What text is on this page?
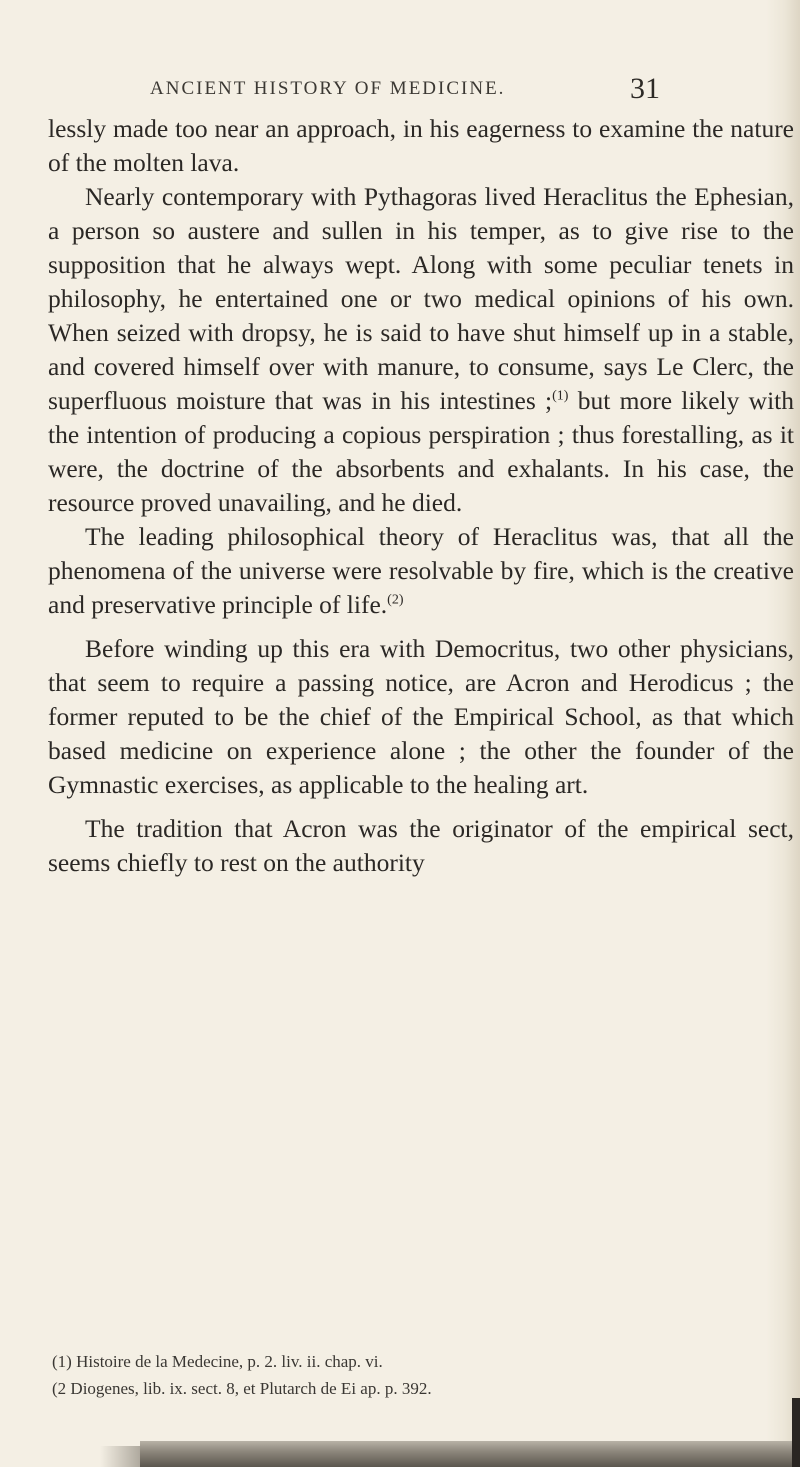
ANCIENT HISTORY OF MEDICINE.	31

lessly made too near an approach, in his eagerness to examine the nature of the molten lava.

Nearly contemporary with Pythagoras lived Heraclitus the Ephesian, a person so austere and sullen in his temper, as to give rise to the supposition that he always wept. Along with some peculiar tenets in philosophy, he entertained one or two medical opinions of his own. When seized with dropsy, he is said to have shut himself up in a stable, and covered himself over with manure, to consume, says Le Clerc, the superfluous moisture that was in his intestines ;$^{(1)}$ but more likely with the intention of producing a copious perspiration ; thus forestalling, as it were, the doctrine of the absorbents and exhalants. In his case, the resource proved unavailing, and he died.

The leading philosophical theory of Heraclitus was, that all the phenomena of the universe were resolvable by fire, which is the creative and preservative principle of life.$^{(2)}$

Before winding up this era with Democritus, two other physicians, that seem to require a passing notice, are Acron and Herodicus ; the former reputed to be the chief of the Empirical School, as that which based medicine on experience alone ; the other the founder of the Gymnastic exercises, as applicable to the healing art.

The tradition that Acron was the originator of the empirical sect, seems chiefly to rest on the authority

(1) Histoire de la Medecine, p. 2. liv. ii. chap. vi.
(2 Diogenes, lib. ix. sect. 8, et Plutarch de Ei ap. p. 392.
